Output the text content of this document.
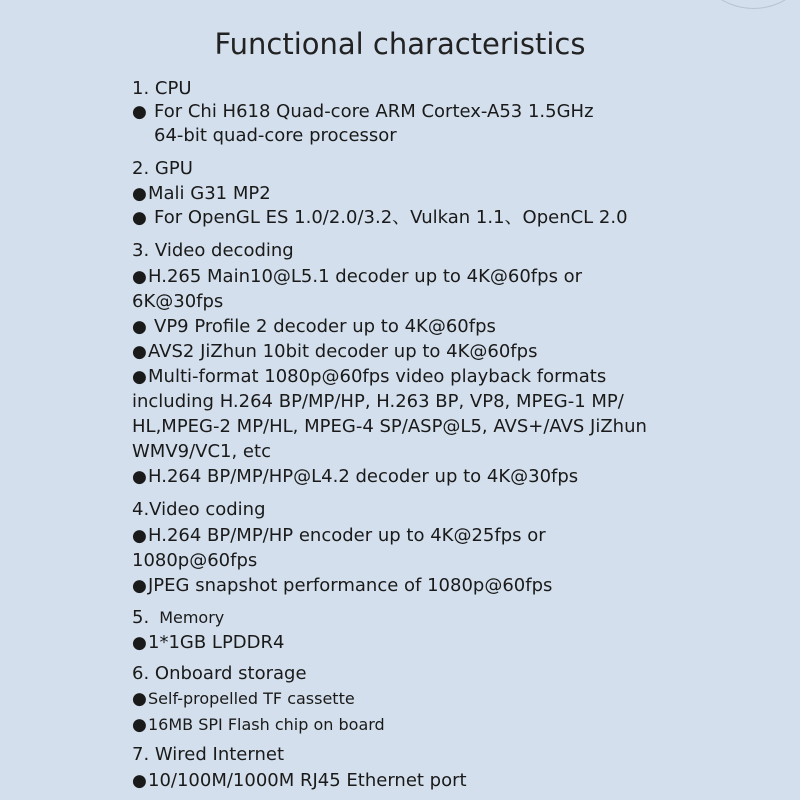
Functional characteristics
1. CPU
● For Chi H618 Quad-core ARM Cortex-A53 1.5GHz
64-bit quad-core processor
2. GPU
●Mali G31 MP2
● For OpenGL ES 1.0/2.0/3.2、Vulkan 1.1、OpenCL 2.0
3. Video decoding
●H.265 Main10@L5.1 decoder up to 4K@60fps or
6K@30fps
● VP9 Profile 2 decoder up to 4K@60fps
●AVS2 JiZhun 10bit decoder up to 4K@60fps
●Multi-format 1080p@60fps video playback formats
including H.264 BP/MP/HP, H.263 BP, VP8, MPEG-1 MP/
HL,MPEG-2 MP/HL, MPEG-4 SP/ASP@L5, AVS+/AVS JiZhun
WMV9/VC1, etc
●H.264 BP/MP/HP@L4.2 decoder up to 4K@30fps
4.Video coding
●H.264 BP/MP/HP encoder up to 4K@25fps or
1080p@60fps
●JPEG snapshot performance of 1080p@60fps
5. Memory
●1*1GB LPDDR4
6. Onboard storage
●Self-propelled TF cassette
●16MB SPI Flash chip on board
7. Wired Internet
●10/100M/1000M RJ45 Ethernet port
